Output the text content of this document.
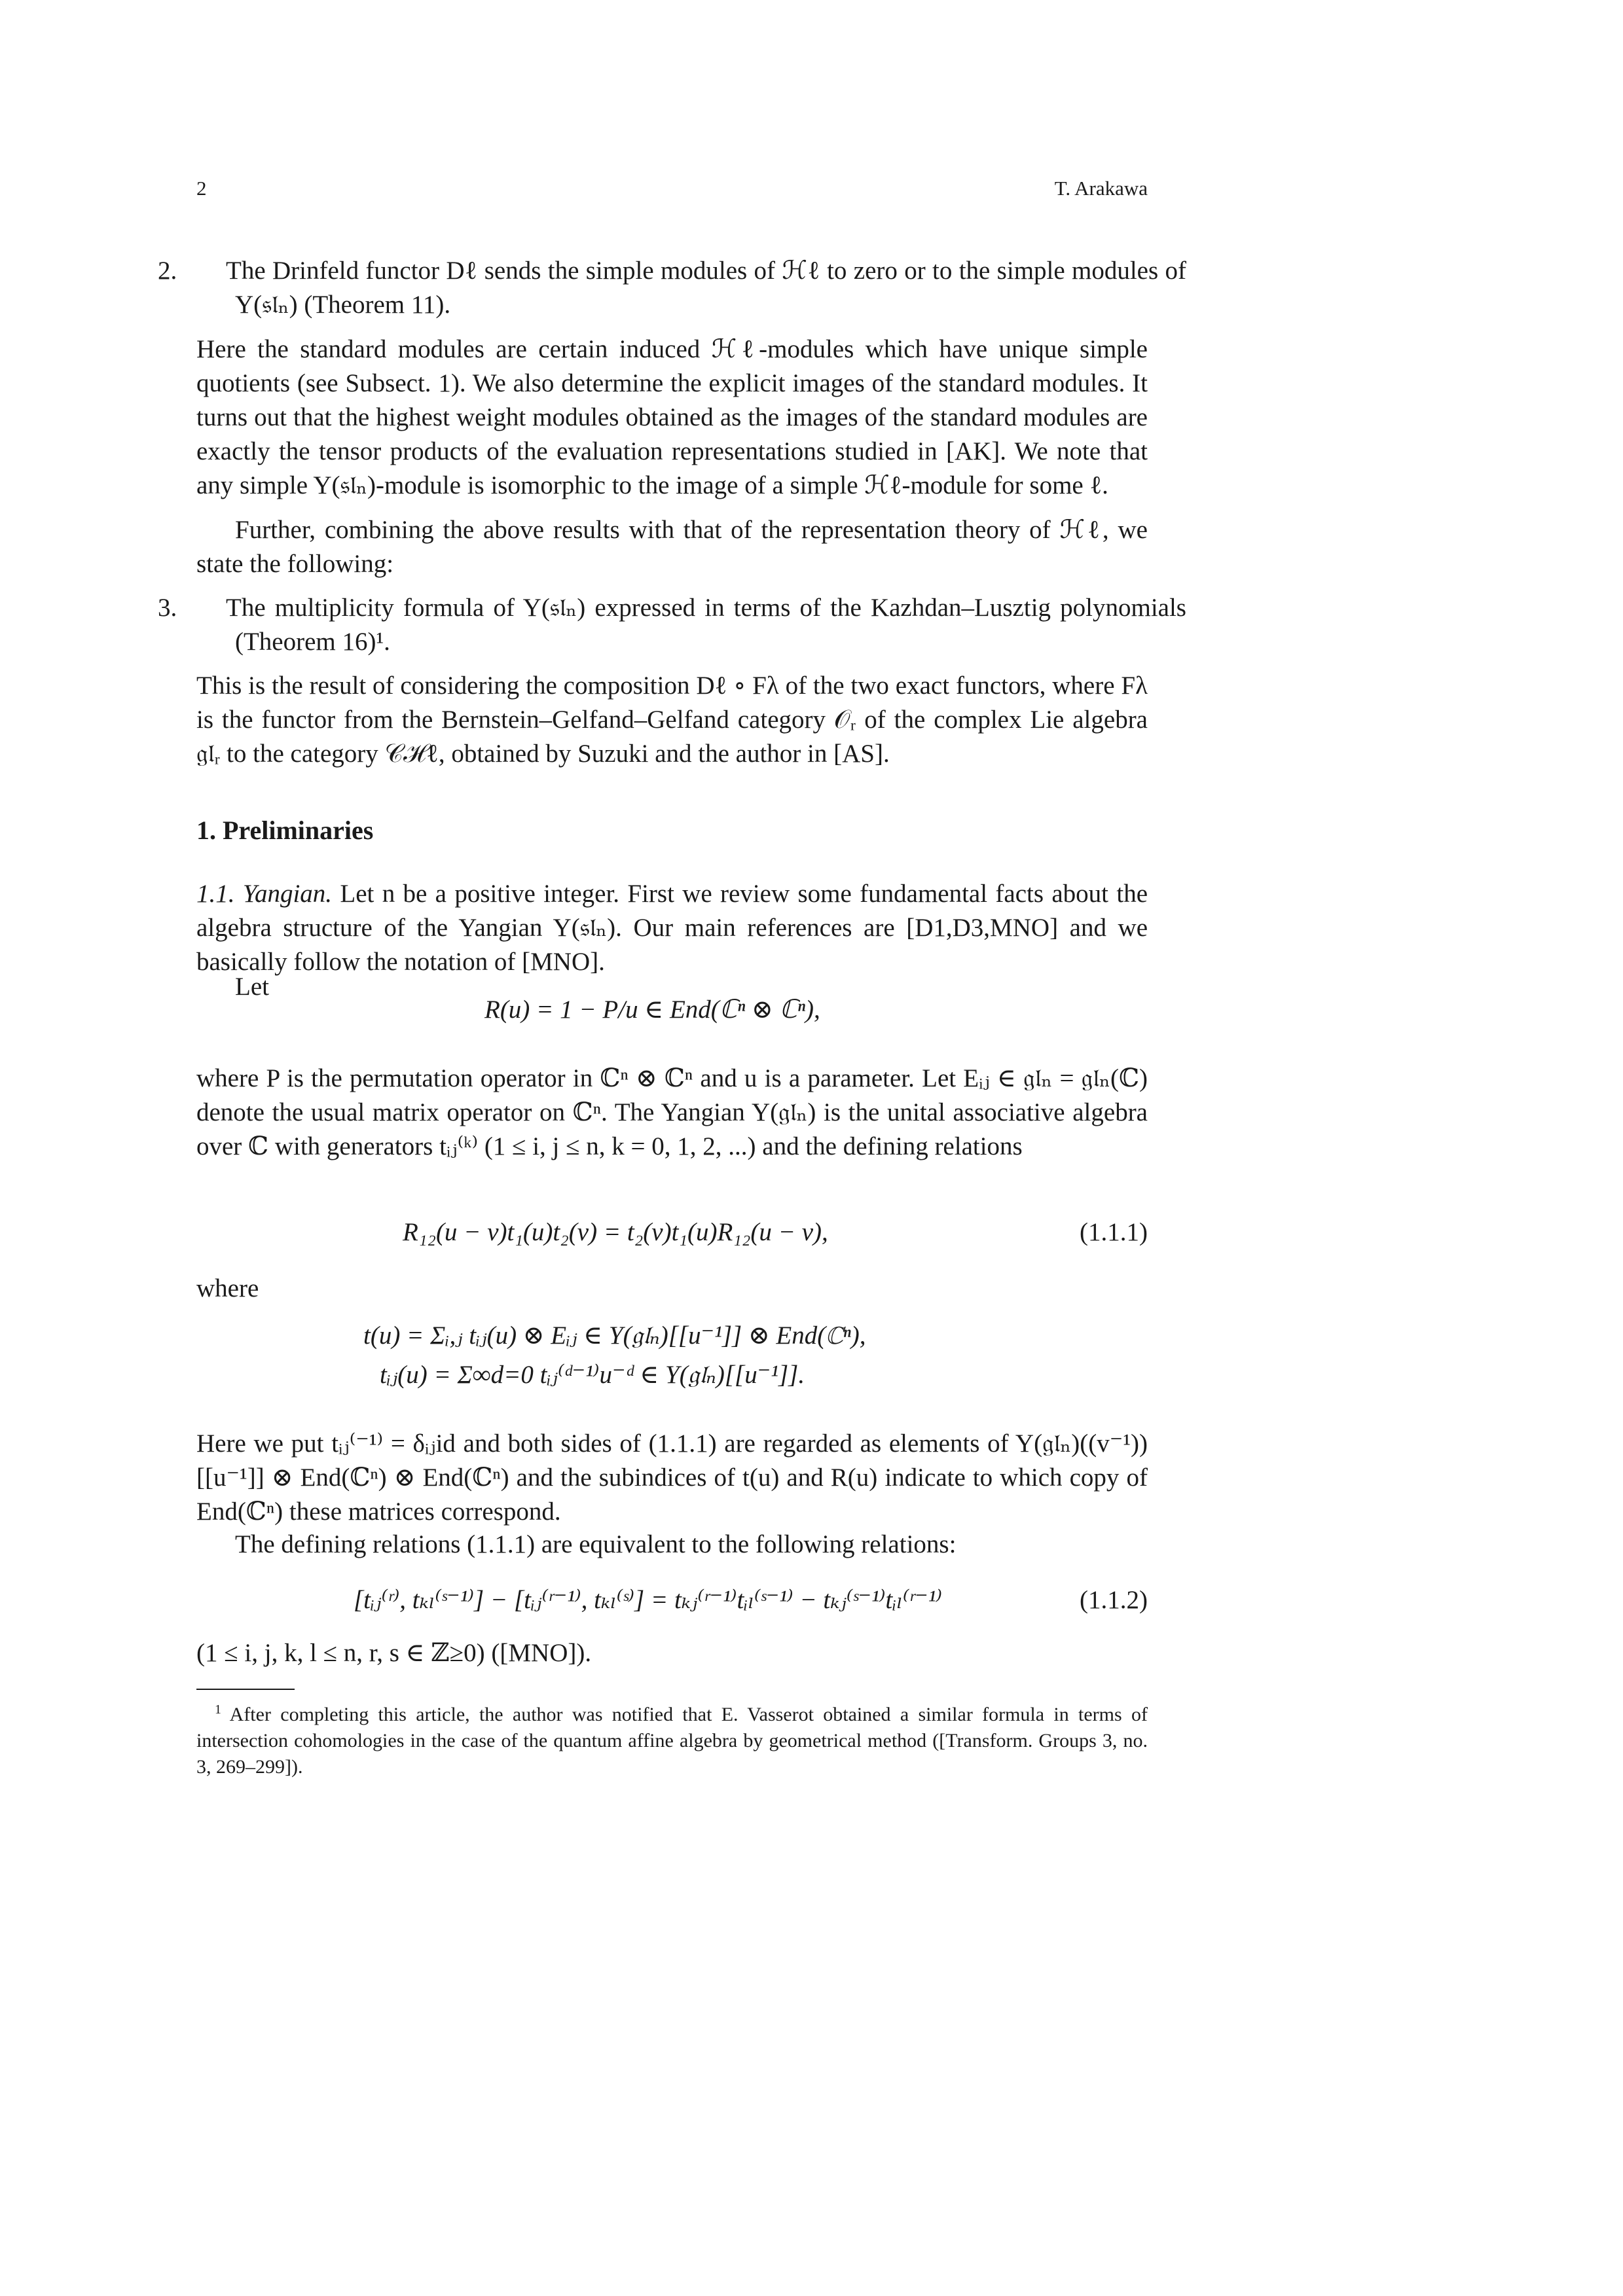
2	T. Arakawa
2. The Drinfeld functor Dℓ sends the simple modules of ℋℓ to zero or to the simple modules of Y(𝔰𝔩ₙ) (Theorem 11).
Here the standard modules are certain induced ℋℓ-modules which have unique simple quotients (see Subsect. 1). We also determine the explicit images of the standard modules. It turns out that the highest weight modules obtained as the images of the standard modules are exactly the tensor products of the evaluation representations studied in [AK]. We note that any simple Y(𝔰𝔩ₙ)-module is isomorphic to the image of a simple ℋℓ-module for some ℓ.
Further, combining the above results with that of the representation theory of ℋℓ, we state the following:
3. The multiplicity formula of Y(𝔰𝔩ₙ) expressed in terms of the Kazhdan–Lusztig polynomials (Theorem 16)¹.
This is the result of considering the composition Dℓ ∘ Fλ of the two exact functors, where Fλ is the functor from the Bernstein–Gelfand–Gelfand category 𝒪ᵣ of the complex Lie algebra 𝔤𝔩ᵣ to the category 𝒞ℋℓ, obtained by Suzuki and the author in [AS].
1. Preliminaries
1.1. Yangian. Let n be a positive integer. First we review some fundamental facts about the algebra structure of the Yangian Y(𝔰𝔩ₙ). Our main references are [D1,D3,MNO] and we basically follow the notation of [MNO].
Let
R(u) = 1 − P/u ∈ End(ℂⁿ ⊗ ℂⁿ),
where P is the permutation operator in ℂⁿ ⊗ ℂⁿ and u is a parameter. Let Eᵢⱼ ∈ 𝔤𝔩ₙ = 𝔤𝔩ₙ(ℂ) denote the usual matrix operator on ℂⁿ. The Yangian Y(𝔤𝔩ₙ) is the unital associative algebra over ℂ with generators tᵢⱼ⁽ᵏ⁾ (1 ≤ i, j ≤ n, k = 0, 1, 2, ...) and the defining relations
R₁₂(u − v)t₁(u)t₂(v) = t₂(v)t₁(u)R₁₂(u − v),	(1.1.1)
where
t(u) = Σᵢ,ⱼ tᵢⱼ(u) ⊗ Eᵢⱼ ∈ Y(𝔤𝔩ₙ)[[u⁻¹]] ⊗ End(ℂⁿ),
tᵢⱼ(u) = Σ∞d=0 tᵢⱼ⁽ᵈ⁻¹⁾u⁻ᵈ ∈ Y(𝔤𝔩ₙ)[[u⁻¹]].
Here we put tᵢⱼ⁽⁻¹⁾ = δᵢⱼid and both sides of (1.1.1) are regarded as elements of Y(𝔤𝔩ₙ)((v⁻¹))[[u⁻¹]] ⊗ End(ℂⁿ) ⊗ End(ℂⁿ) and the subindices of t(u) and R(u) indicate to which copy of End(ℂⁿ) these matrices correspond.
The defining relations (1.1.1) are equivalent to the following relations:
[tᵢⱼ⁽ʳ⁾, tₖₗ⁽ˢ⁻¹⁾] − [tᵢⱼ⁽ʳ⁻¹⁾, tₖₗ⁽ˢ⁾] = tₖⱼ⁽ʳ⁻¹⁾tᵢₗ⁽ˢ⁻¹⁾ − tₖⱼ⁽ˢ⁻¹⁾tᵢₗ⁽ʳ⁻¹⁾	(1.1.2)
(1 ≤ i, j, k, l ≤ n, r, s ∈ ℤ≥0) ([MNO]).
$^1$ After completing this article, the author was notified that E. Vasserot obtained a similar formula in terms of intersection cohomologies in the case of the quantum affine algebra by geometrical method ([Transform. Groups 3, no. 3, 269–299]).
